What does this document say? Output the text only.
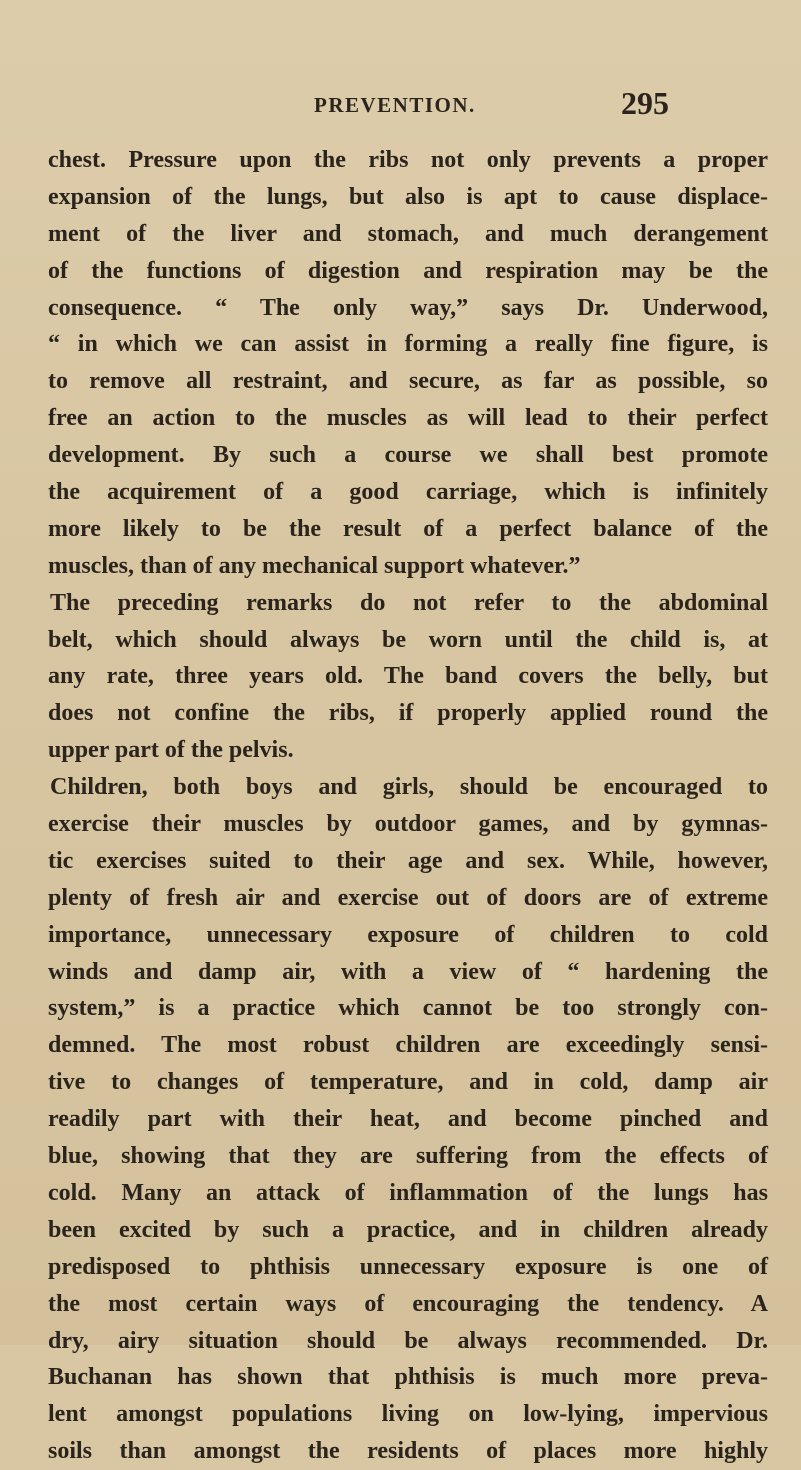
PREVENTION.	295
chest. Pressure upon the ribs not only prevents a proper
expansion of the lungs, but also is apt to cause displace-
ment of the liver and stomach, and much derangement
of the functions of digestion and respiration may be the
consequence. “ The only way,” says Dr. Underwood,
“ in which we can assist in forming a really fine figure, is
to remove all restraint, and secure, as far as possible, so
free an action to the muscles as will lead to their perfect
development. By such a course we shall best promote
the acquirement of a good carriage, which is infinitely
more likely to be the result of a perfect balance of the
muscles, than of any mechanical support whatever.”
The preceding remarks do not refer to the abdominal
belt, which should always be worn until the child is, at
any rate, three years old. The band covers the belly, but
does not confine the ribs, if properly applied round the
upper part of the pelvis.
Children, both boys and girls, should be encouraged to
exercise their muscles by outdoor games, and by gymnas-
tic exercises suited to their age and sex. While, however,
plenty of fresh air and exercise out of doors are of extreme
importance, unnecessary exposure of children to cold
winds and damp air, with a view of “ hardening the
system,” is a practice which cannot be too strongly con-
demned. The most robust children are exceedingly sensi-
tive to changes of temperature, and in cold, damp air
readily part with their heat, and become pinched and
blue, showing that they are suffering from the effects of
cold. Many an attack of inflammation of the lungs has
been excited by such a practice, and in children already
predisposed to phthisis unnecessary exposure is one of
the most certain ways of encouraging the tendency. A
dry, airy situation should be always recommended. Dr.
Buchanan has shown that phthisis is much more preva-
lent amongst populations living on low-lying, impervious
soils than amongst the residents of places more highly
